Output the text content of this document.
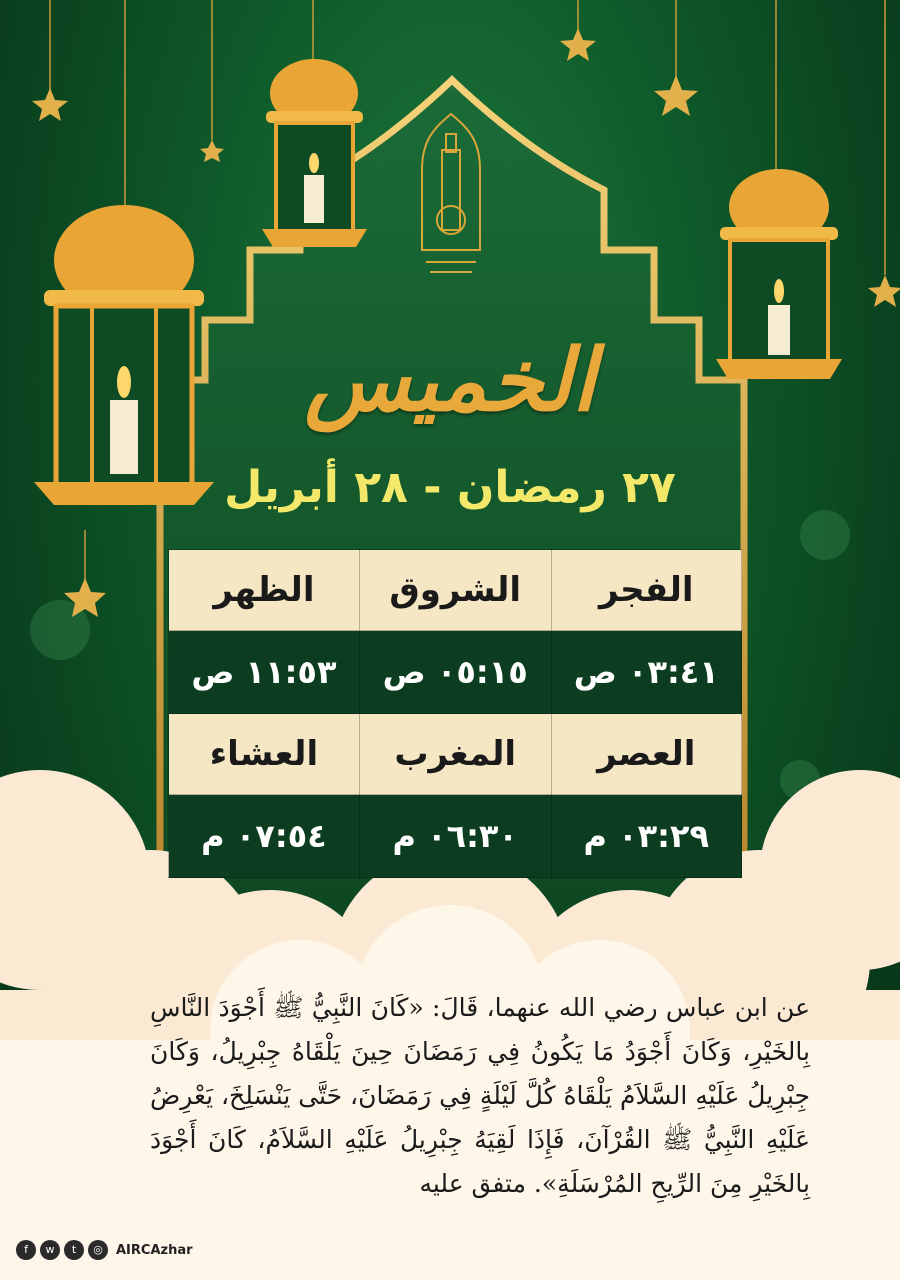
الخميس
٢٧ رمضان - ٢٨ أبريل
الفجر	الشروق	الظهر
٠٣:٤١ ص	٠٥:١٥ ص	١١:٥٣ ص
العصر	المغرب	العشاء
٠٣:٢٩ م	٠٦:٣٠ م	٠٧:٥٤ م
عن ابن عباس رضي الله عنهما، قَالَ: «كَانَ النَّبِيُّ ﷺ أَجْوَدَ النَّاسِ بِالخَيْرِ، وَكَانَ أَجْوَدُ مَا يَكُونُ فِي رَمَضَانَ حِينَ يَلْقَاهُ جِبْرِيلُ، وَكَانَ جِبْرِيلُ عَلَيْهِ السَّلاَمُ يَلْقَاهُ كُلَّ لَيْلَةٍ فِي رَمَضَانَ، حَتَّى يَنْسَلِخَ، يَعْرِضُ عَلَيْهِ النَّبِيُّ ﷺ القُرْآنَ، فَإِذَا لَقِيَهُ جِبْرِيلُ عَلَيْهِ السَّلاَمُ، كَانَ أَجْوَدَ بِالخَيْرِ مِنَ الرِّيحِ المُرْسَلَةِ». متفق عليه
f	w	t	◎	AIRCAzhar
